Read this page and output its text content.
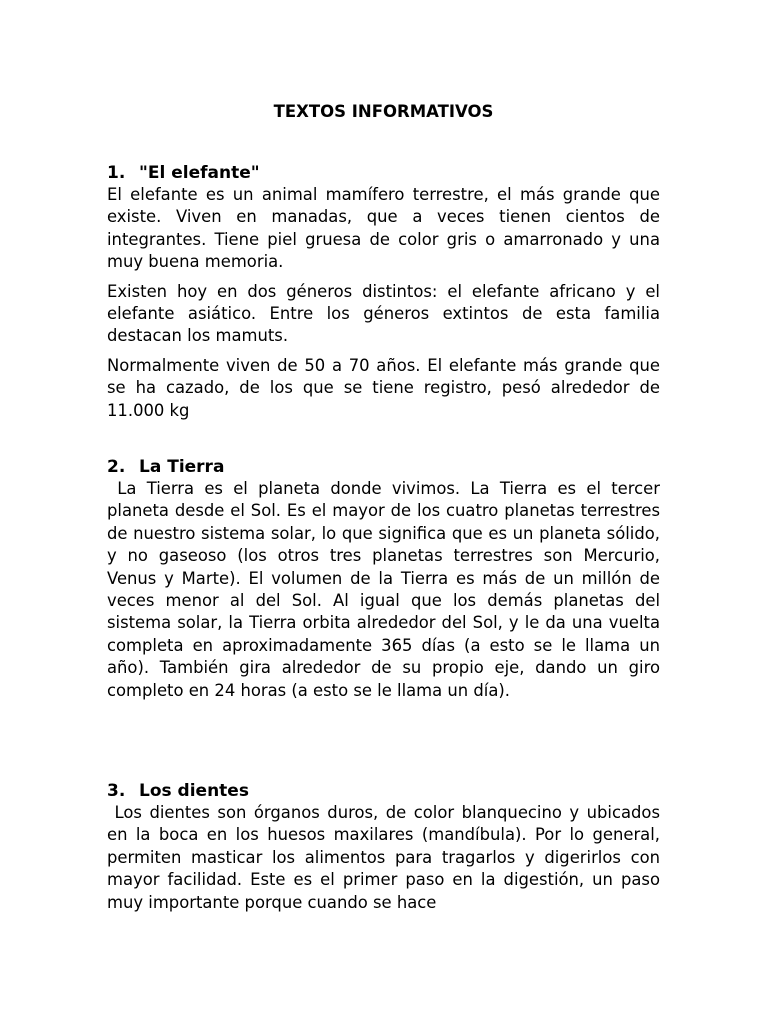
TEXTOS INFORMATIVOS
1. "El elefante"

El elefante es un animal mamífero terrestre, el más grande que existe. Viven en manadas, que a veces tienen cientos de integrantes. Tiene piel gruesa de color gris o amarronado y una muy buena memoria.

Existen hoy en dos géneros distintos: el elefante africano y el elefante asiático. Entre los géneros extintos de esta familia destacan los mamuts.

Normalmente viven de 50 a 70 años. El elefante más grande que se ha cazado, de los que se tiene registro, pesó alrededor de 11.000 kg

2. La Tierra

La Tierra es el planeta donde vivimos. La Tierra es el tercer planeta desde el Sol. Es el mayor de los cuatro planetas terrestres de nuestro sistema solar, lo que significa que es un planeta sólido, y no gaseoso (los otros tres planetas terrestres son Mercurio, Venus y Marte). El volumen de la Tierra es más de un millón de veces menor al del Sol. Al igual que los demás planetas del sistema solar, la Tierra orbita alrededor del Sol, y le da una vuelta completa en aproximadamente 365 días (a esto se le llama un año). También gira alrededor de su propio eje, dando un giro completo en 24 horas (a esto se le llama un día).

3. Los dientes

Los dientes son órganos duros, de color blanquecino y ubicados en la boca en los huesos maxilares (mandíbula). Por lo general, permiten masticar los alimentos para tragarlos y digerirlos con mayor facilidad. Este es el primer paso en la digestión, un paso muy importante porque cuando se hace
